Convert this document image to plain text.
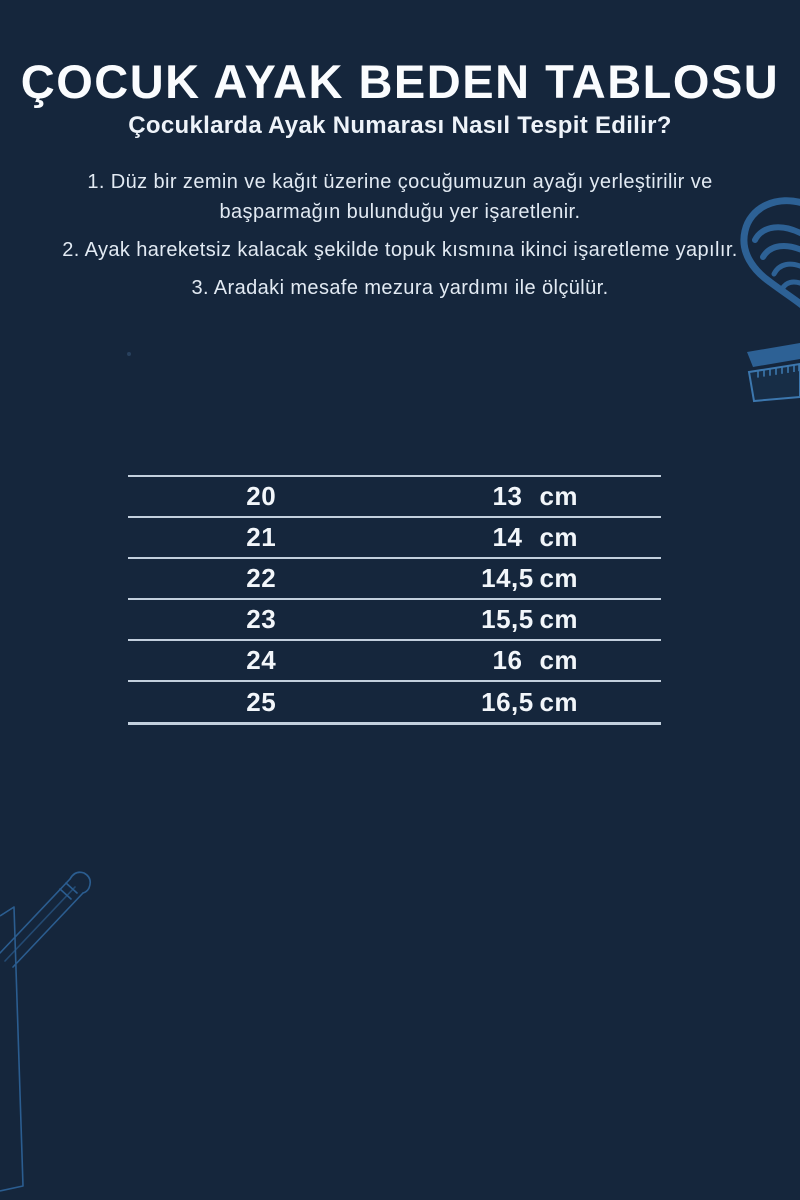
ÇOCUK AYAK BEDEN TABLOSU
Çocuklarda Ayak Numarası Nasıl Tespit Edilir?

1. Düz bir zemin ve kağıt üzerine çocuğumuzun ayağı yerleştirilir ve başparmağın bulunduğu yer işaretlenir.

2. Ayak hareketsiz kalacak şekilde topuk kısmına ikinci işaretleme yapılır.

3. Aradaki mesafe mezura yardımı ile ölçülür.

20	13 cm
21	14 cm
22	14,5 cm
23	15,5 cm
24	16 cm
25	16,5 cm
